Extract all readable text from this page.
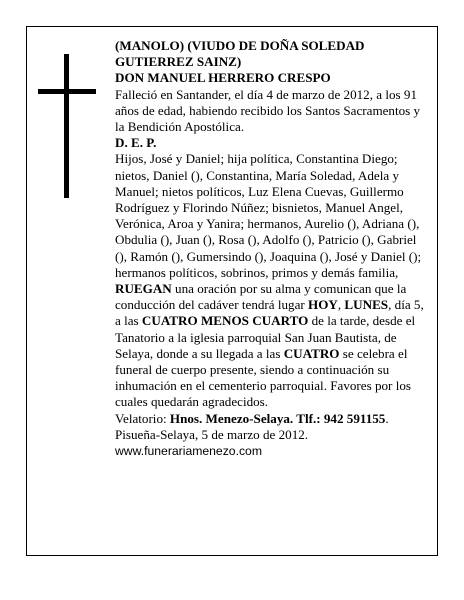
(MANOLO) (VIUDO DE DOÑA SOLEDAD GUTIERREZ SAINZ)

DON MANUEL HERRERO CRESPO

Falleció en Santander, el día 4 de marzo de 2012, a los 91 años de edad, habiendo recibido los Santos Sacramentos y la Bendición Apostólica.

D. E. P.

Hijos, José y Daniel; hija política, Constantina Diego; nietos, Daniel (), Constantina, María Soledad, Adela y Manuel; nietos políticos, Luz Elena Cuevas, Guillermo Rodríguez y Florindo Núñez; bisnietos, Manuel Angel, Verónica, Aroa y Yanira; hermanos, Aurelio (), Adriana (), Obdulia (), Juan (), Rosa (), Adolfo (), Patricio (), Gabriel (), Ramón (), Gumersindo (), Joaquina (), José y Daniel (); hermanos políticos, sobrinos, primos y demás familia,

RUEGAN una oración por su alma y comunican que la conducción del cadáver tendrá lugar HOY, LUNES, día 5, a las CUATRO MENOS CUARTO de la tarde, desde el Tanatorio a la iglesia parroquial San Juan Bautista, de Selaya, donde a su llegada a las CUATRO se celebra el funeral de cuerpo presente, siendo a continuación su inhumación en el cementerio parroquial. Favores por los cuales quedarán agradecidos.

Velatorio: Hnos. Menezo-Selaya. Tlf.: 942 591155.

Pisueña-Selaya, 5 de marzo de 2012.

www.funerariamenezo.com
